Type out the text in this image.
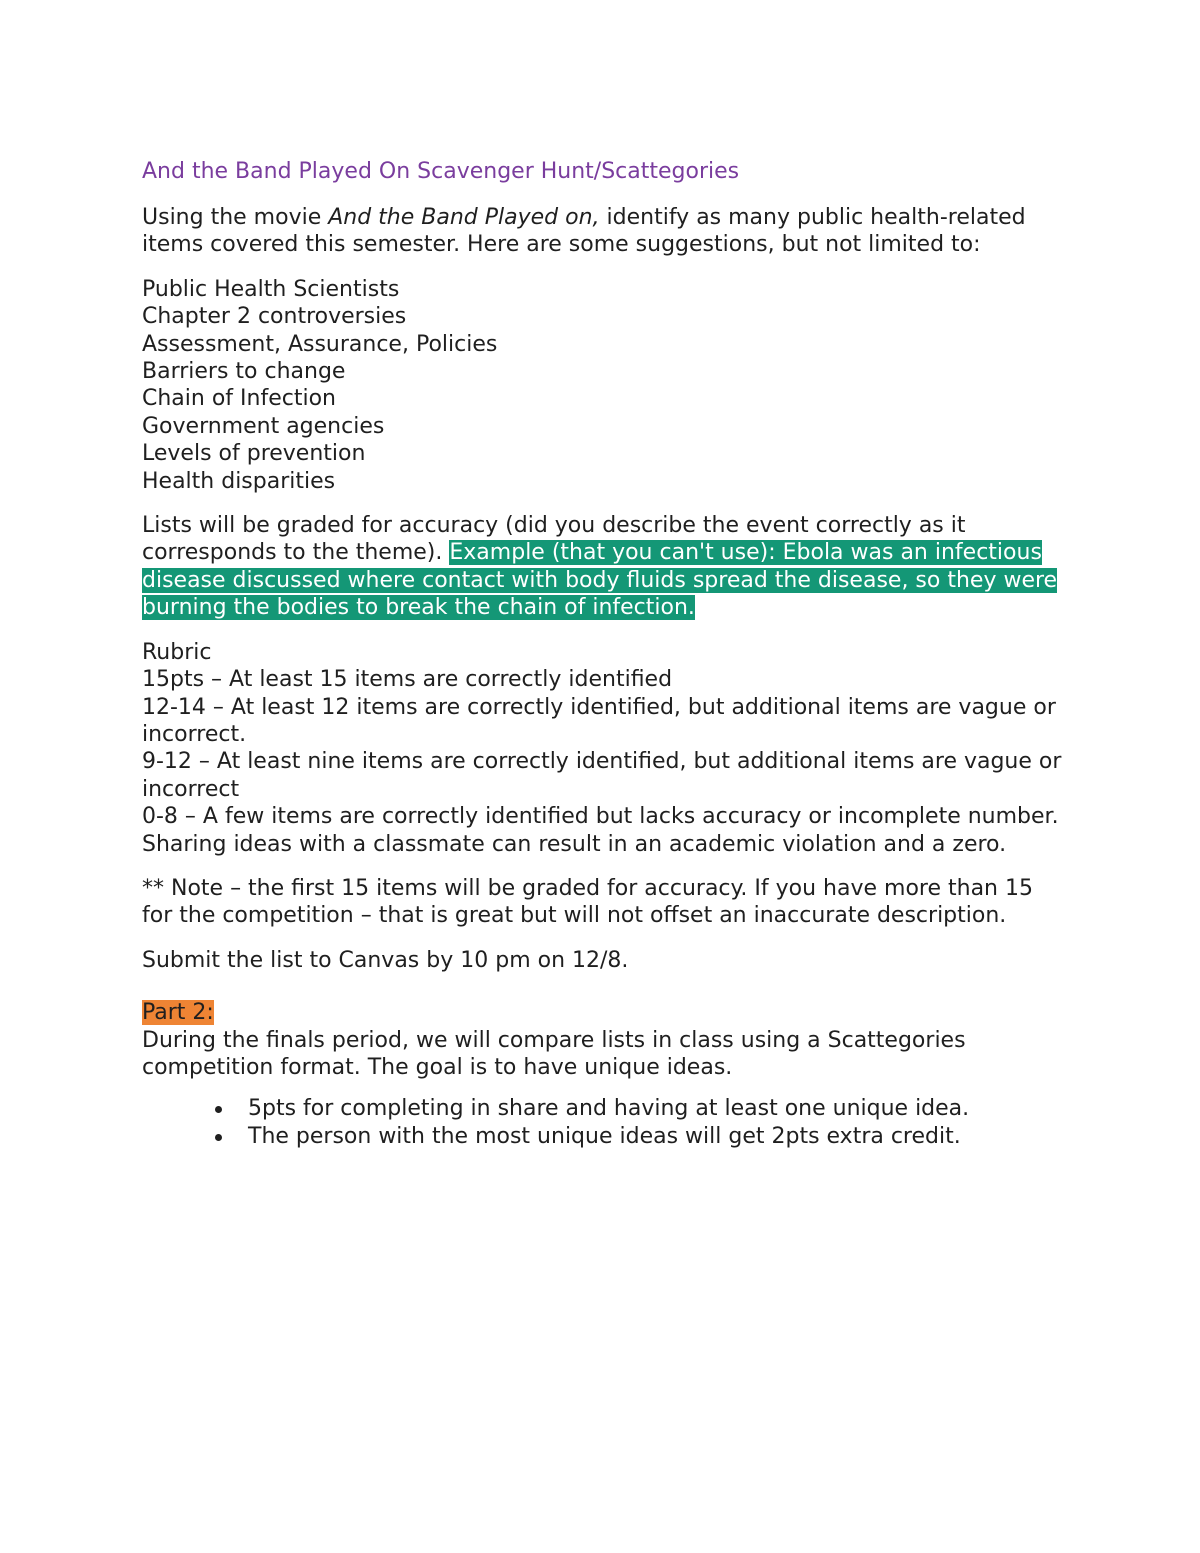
And the Band Played On Scavenger Hunt/Scattegories

Using the movie And the Band Played on, identify as many public health-related items covered this semester. Here are some suggestions, but not limited to:

Public Health Scientists
Chapter 2 controversies
Assessment, Assurance, Policies
Barriers to change
Chain of Infection
Government agencies
Levels of prevention
Health disparities

Lists will be graded for accuracy (did you describe the event correctly as it corresponds to the theme). Example (that you can't use): Ebola was an infectious disease discussed where contact with body fluids spread the disease, so they were burning the bodies to break the chain of infection.

Rubric
15pts – At least 15 items are correctly identified
12-14 – At least 12 items are correctly identified, but additional items are vague or incorrect.
9-12 – At least nine items are correctly identified, but additional items are vague or incorrect
0-8 – A few items are correctly identified but lacks accuracy or incomplete number. Sharing ideas with a classmate can result in an academic violation and a zero.

** Note – the first 15 items will be graded for accuracy. If you have more than 15 for the competition – that is great but will not offset an inaccurate description.

Submit the list to Canvas by 10 pm on 12/8.

Part 2:
During the finals period, we will compare lists in class using a Scattegories competition format. The goal is to have unique ideas.
5pts for completing in share and having at least one unique idea.
The person with the most unique ideas will get 2pts extra credit.
